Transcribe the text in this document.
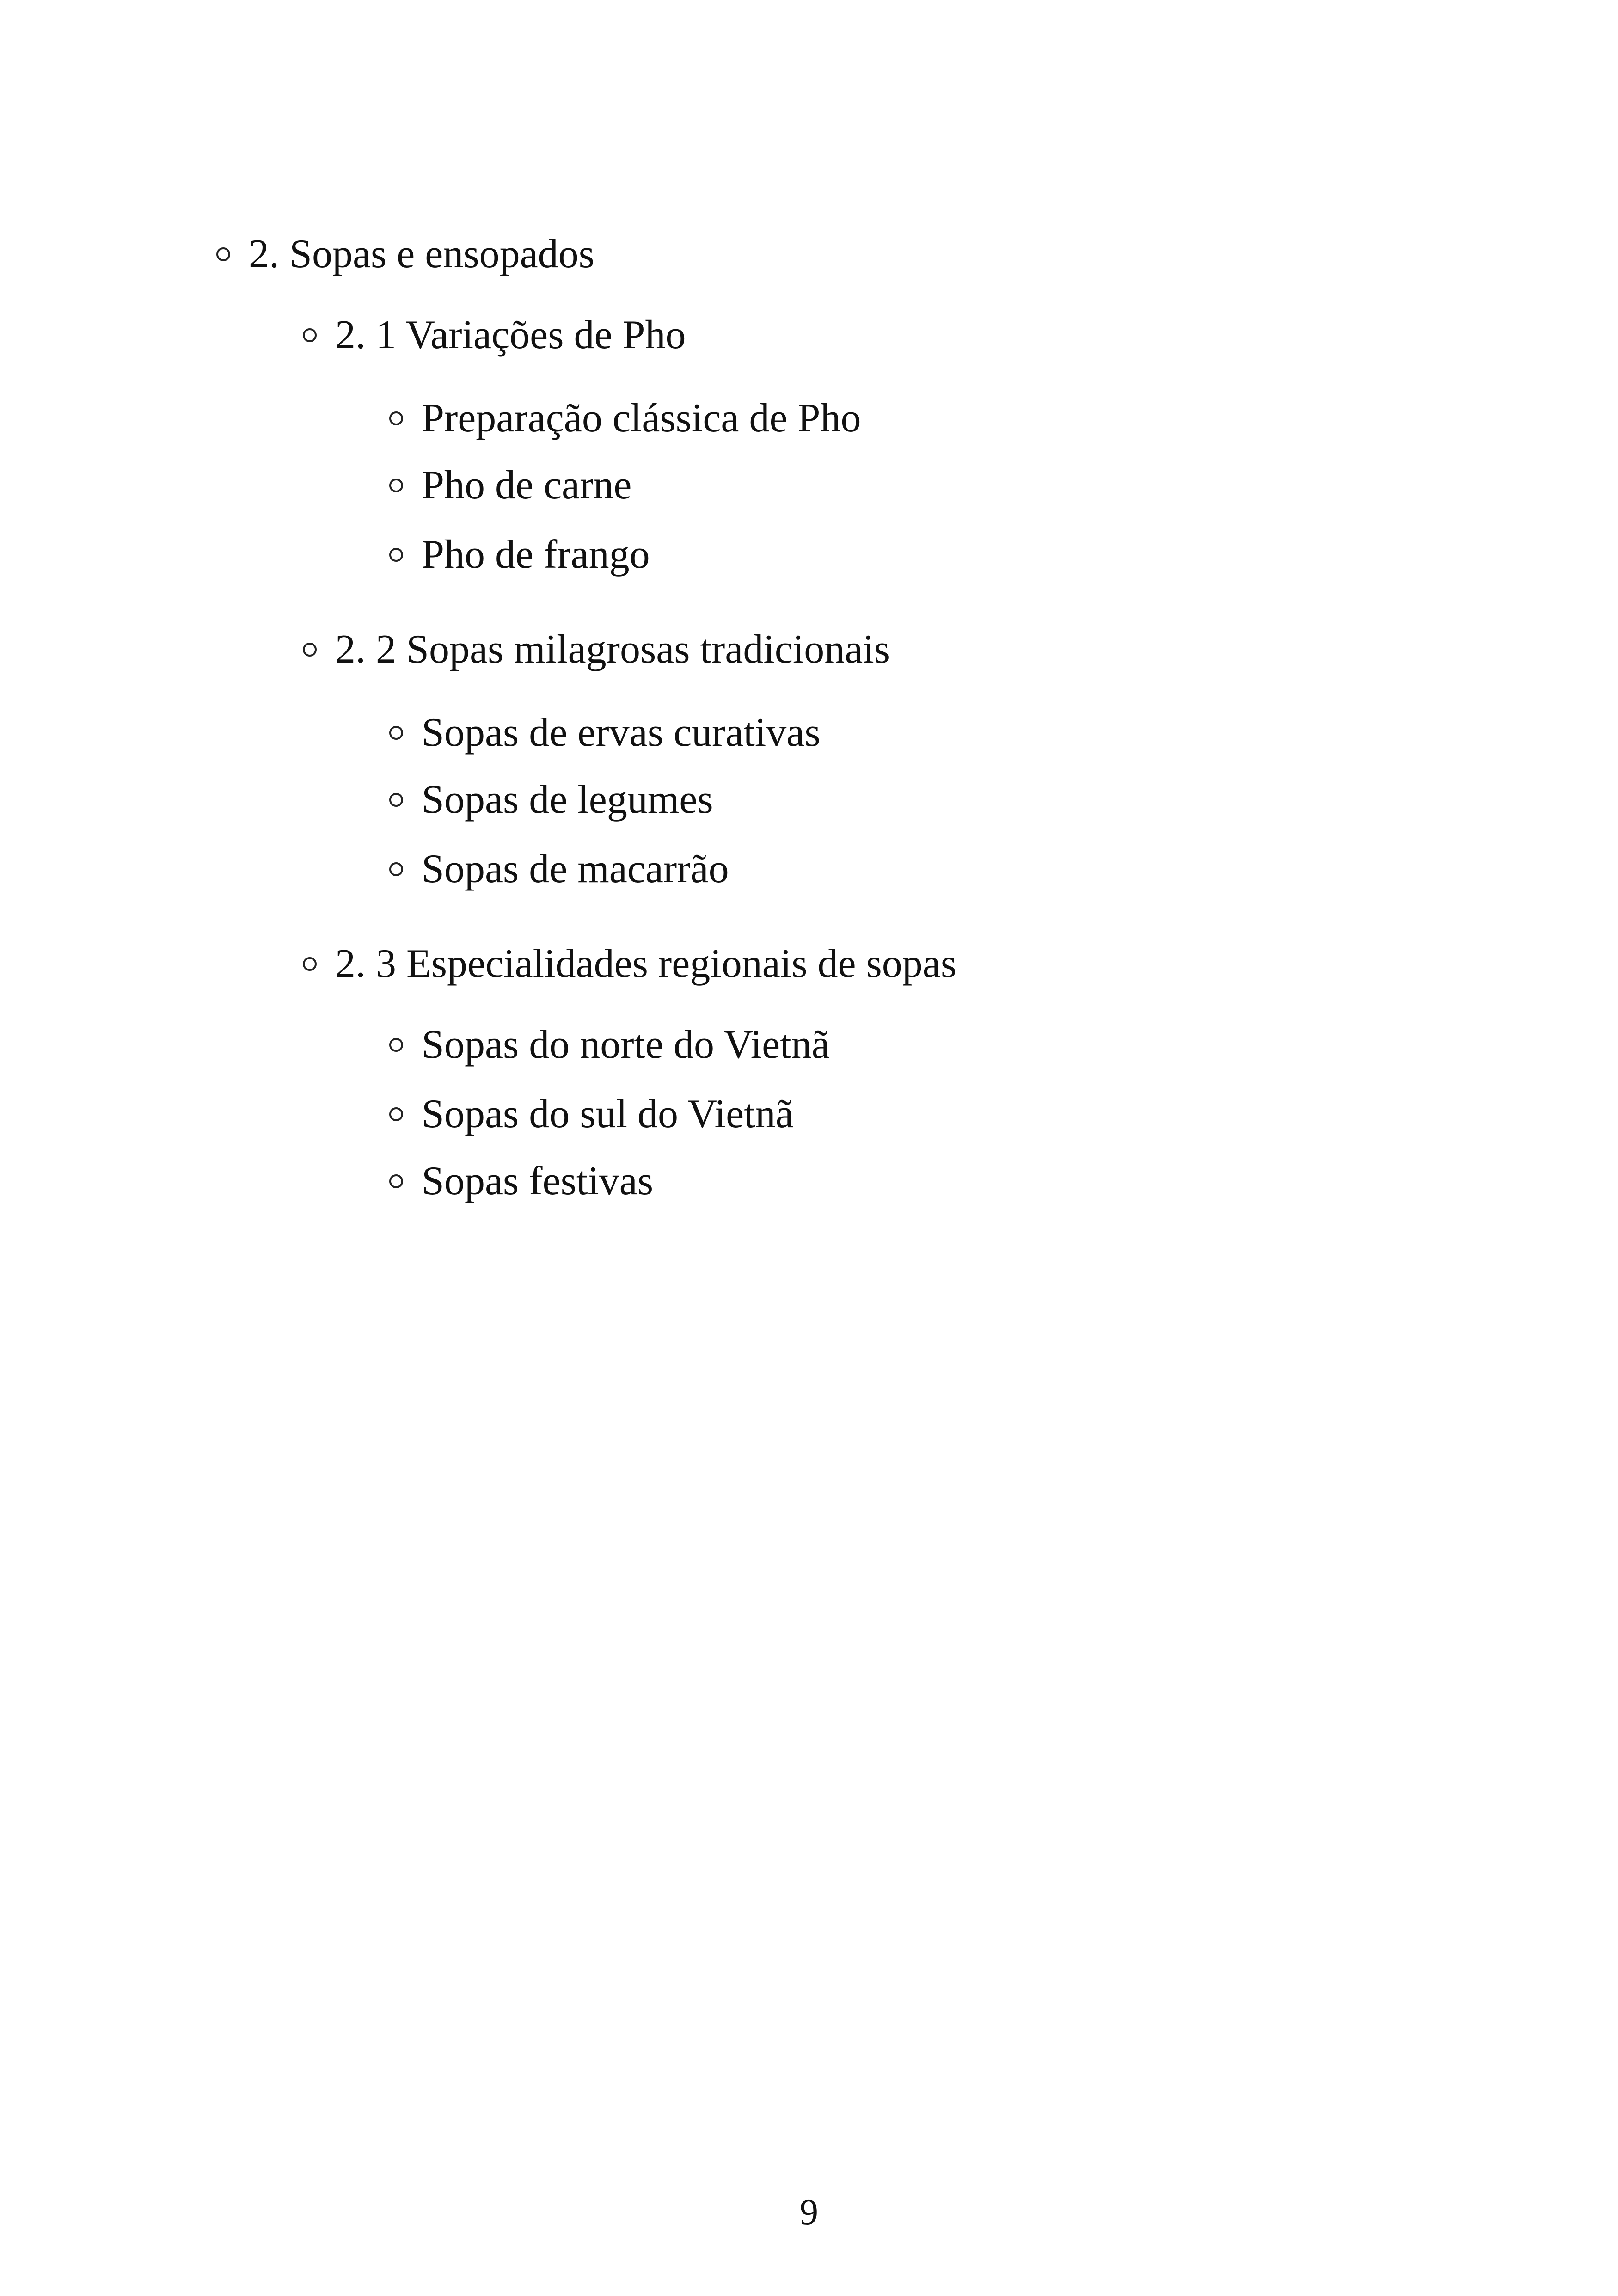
2. Sopas e ensopados
2. 1 Variações de Pho
Preparação clássica de Pho
Pho de carne
Pho de frango
2. 2 Sopas milagrosas tradicionais
Sopas de ervas curativas
Sopas de legumes
Sopas de macarrão
2. 3 Especialidades regionais de sopas
Sopas do norte do Vietnã
Sopas do sul do Vietnã
Sopas festivas
9
